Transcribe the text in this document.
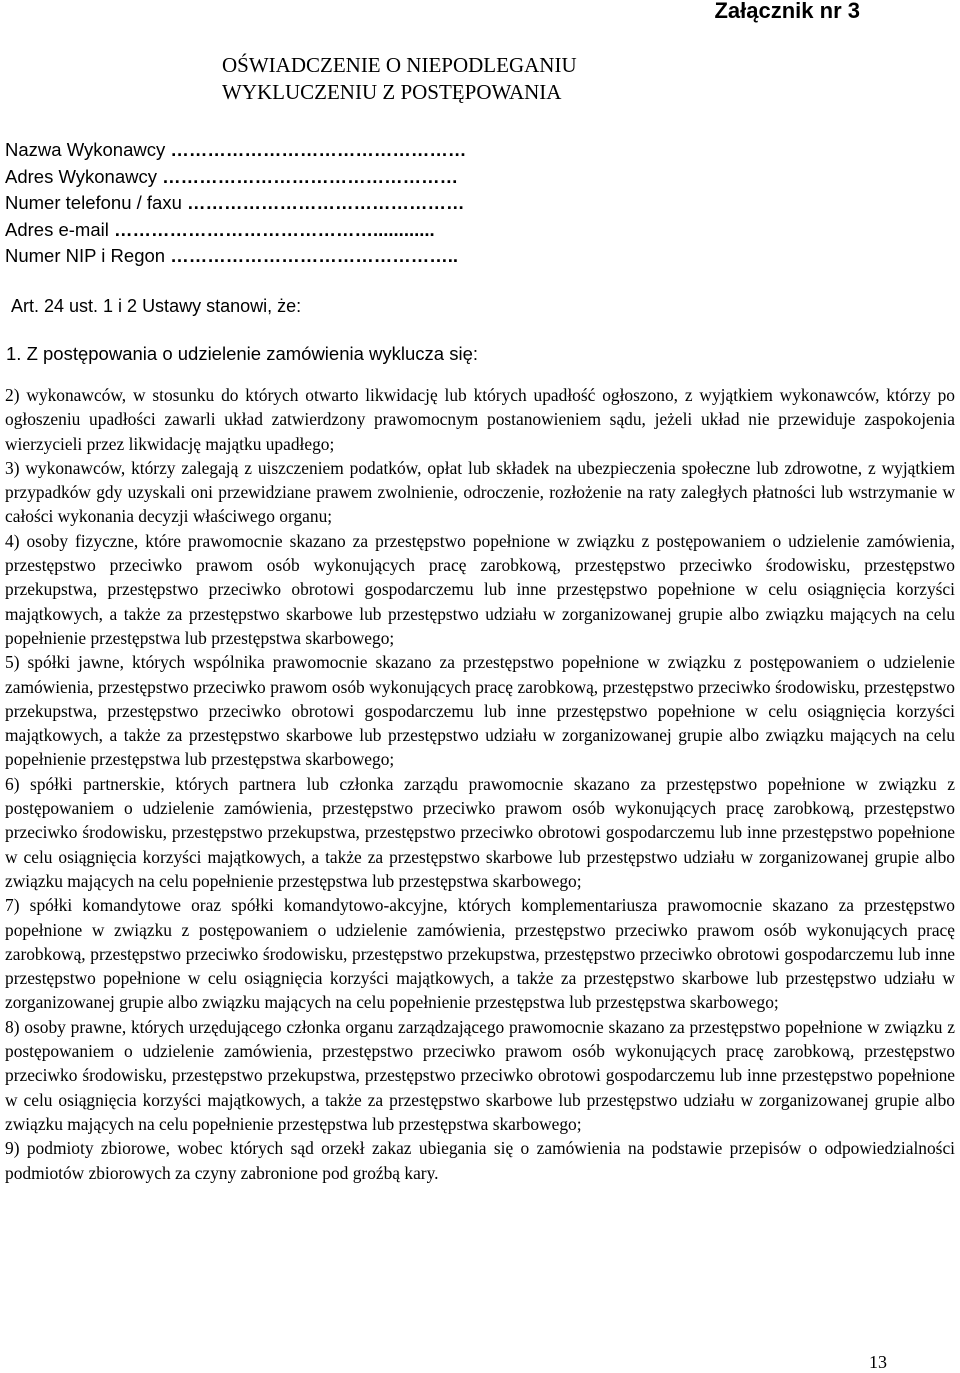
Załącznik nr 3
OŚWIADCZENIE O NIEPODLEGANIU
WYKLUCZENIU Z POSTĘPOWANIA
Nazwa Wykonawcy …………………………………………
Adres Wykonawcy …………………………………………
Numer telefonu / faxu ………………………………………
Adres e-mail ……………………………………............
Numer NIP i Regon ………………………………………..
Art. 24 ust. 1 i 2 Ustawy stanowi, że:
1. Z postępowania o udzielenie zamówienia wyklucza się:

2) wykonawców, w stosunku do których otwarto likwidację lub których upadłość ogłoszono, z wyjątkiem wykonawców, którzy po ogłoszeniu upadłości zawarli układ zatwierdzony prawomocnym postanowieniem sądu, jeżeli układ nie przewiduje zaspokojenia wierzycieli przez likwidację majątku upadłego;

3) wykonawców, którzy zalegają z uiszczeniem podatków, opłat lub składek na ubezpieczenia społeczne lub zdrowotne, z wyjątkiem przypadków gdy uzyskali oni przewidziane prawem zwolnienie, odroczenie, rozłożenie na raty zaległych płatności lub wstrzymanie w całości wykonania decyzji właściwego organu;

4) osoby fizyczne, które prawomocnie skazano za przestępstwo popełnione w związku z postępowaniem o udzielenie zamówienia, przestępstwo przeciwko prawom osób wykonujących pracę zarobkową, przestępstwo przeciwko środowisku, przestępstwo przekupstwa, przestępstwo przeciwko obrotowi gospodarczemu lub inne przestępstwo popełnione w celu osiągnięcia korzyści majątkowych, a także za przestępstwo skarbowe lub przestępstwo udziału w zorganizowanej grupie albo związku mających na celu popełnienie przestępstwa lub przestępstwa skarbowego;

5) spółki jawne, których wspólnika prawomocnie skazano za przestępstwo popełnione w związku z postępowaniem o udzielenie zamówienia, przestępstwo przeciwko prawom osób wykonujących pracę zarobkową, przestępstwo przeciwko środowisku, przestępstwo przekupstwa, przestępstwo przeciwko obrotowi gospodarczemu lub inne przestępstwo popełnione w celu osiągnięcia korzyści majątkowych, a także za przestępstwo skarbowe lub przestępstwo udziału w zorganizowanej grupie albo związku mających na celu popełnienie przestępstwa lub przestępstwa skarbowego;

6) spółki partnerskie, których partnera lub członka zarządu prawomocnie skazano za przestępstwo popełnione w związku z postępowaniem o udzielenie zamówienia, przestępstwo przeciwko prawom osób wykonujących pracę zarobkową, przestępstwo przeciwko środowisku, przestępstwo przekupstwa, przestępstwo przeciwko obrotowi gospodarczemu lub inne przestępstwo popełnione w celu osiągnięcia korzyści majątkowych, a także za przestępstwo skarbowe lub przestępstwo udziału w zorganizowanej grupie albo związku mających na celu popełnienie przestępstwa lub przestępstwa skarbowego;

7) spółki komandytowe oraz spółki komandytowo-akcyjne, których komplementariusza prawomocnie skazano za przestępstwo popełnione w związku z postępowaniem o udzielenie zamówienia, przestępstwo przeciwko prawom osób wykonujących pracę zarobkową, przestępstwo przeciwko środowisku, przestępstwo przekupstwa, przestępstwo przeciwko obrotowi gospodarczemu lub inne przestępstwo popełnione w celu osiągnięcia korzyści majątkowych, a także za przestępstwo skarbowe lub przestępstwo udziału w zorganizowanej grupie albo związku mających na celu popełnienie przestępstwa lub przestępstwa skarbowego;

8) osoby prawne, których urzędującego członka organu zarządzającego prawomocnie skazano za przestępstwo popełnione w związku z postępowaniem o udzielenie zamówienia, przestępstwo przeciwko prawom osób wykonujących pracę zarobkową, przestępstwo przeciwko środowisku, przestępstwo przekupstwa, przestępstwo przeciwko obrotowi gospodarczemu lub inne przestępstwo popełnione w celu osiągnięcia korzyści majątkowych, a także za przestępstwo skarbowe lub przestępstwo udziału w zorganizowanej grupie albo związku mających na celu popełnienie przestępstwa lub przestępstwa skarbowego;

9) podmioty zbiorowe, wobec których sąd orzekł zakaz ubiegania się o zamówienia na podstawie przepisów o odpowiedzialności podmiotów zbiorowych za czyny zabronione pod groźbą kary.

13
